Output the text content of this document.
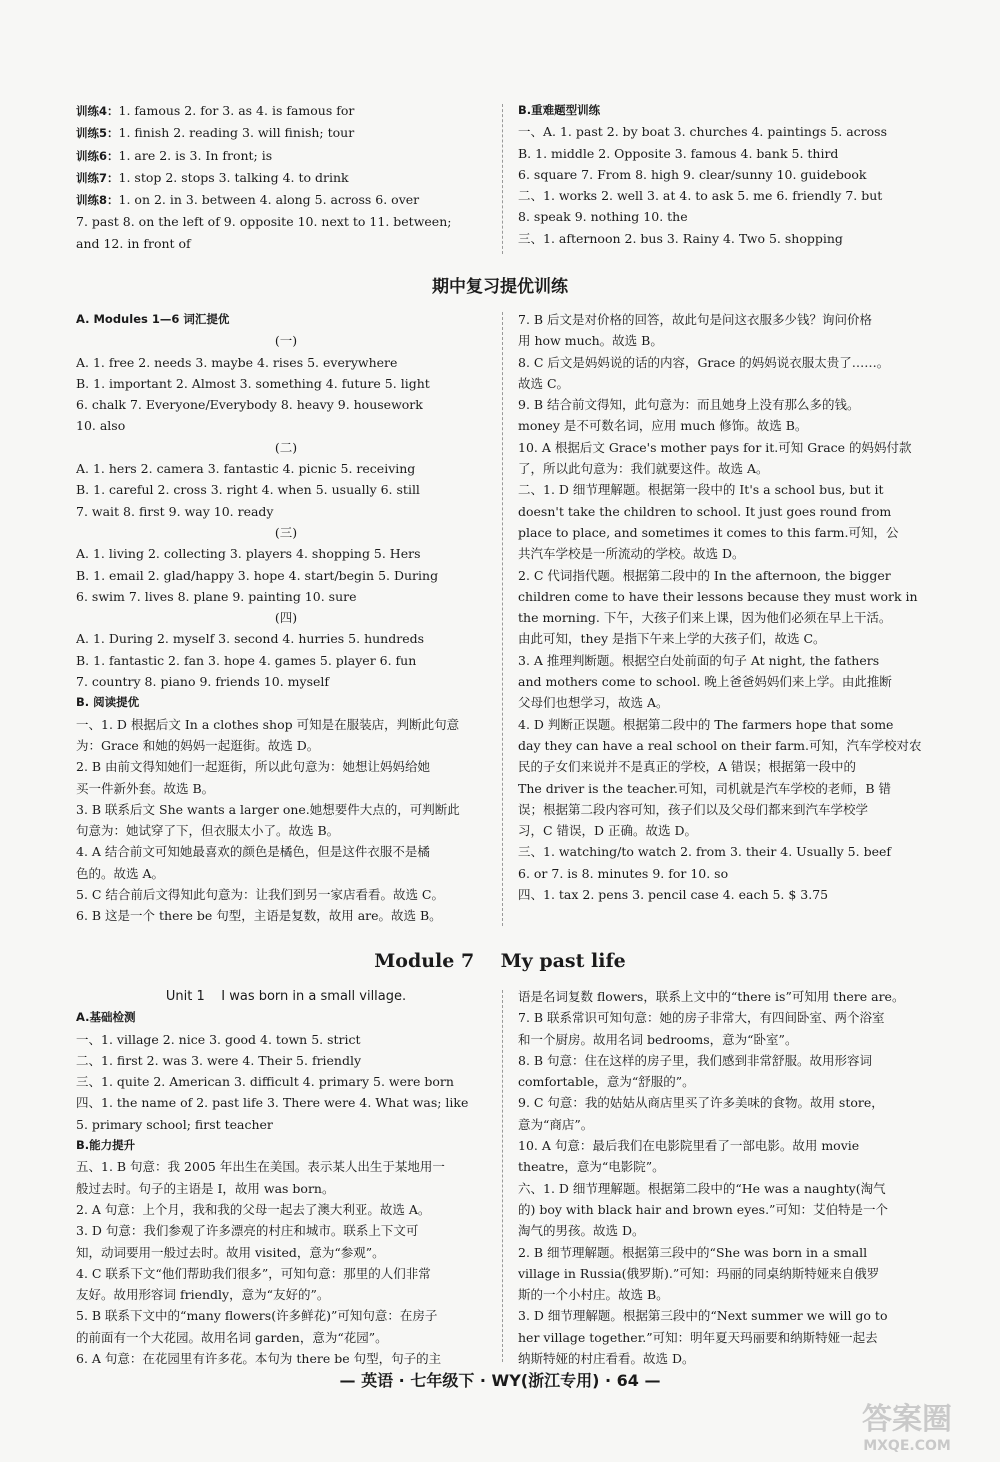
训练4：1. famous 2. for 3. as 4. is famous for

训练5：1. finish 2. reading 3. will finish; tour

训练6：1. are 2. is 3. In front; is

训练7：1. stop 2. stops 3. talking 4. to drink

训练8：1. on 2. in 3. between 4. along 5. across 6. over

7. past 8. on the left of 9. opposite 10. next to 11. between;

and 12. in front of

B.重难题型训练

一、A. 1. past 2. by boat 3. churches 4. paintings 5. across

B. 1. middle 2. Opposite 3. famous 4. bank 5. third

6. square 7. From 8. high 9. clear/sunny 10. guidebook

二、1. works 2. well 3. at 4. to ask 5. me 6. friendly 7. but

8. speak 9. nothing 10. the

三、1. afternoon 2. bus 3. Rainy 4. Two 5. shopping

期中复习提优训练

A. Modules 1—6 词汇提优

(一)

A. 1. free 2. needs 3. maybe 4. rises 5. everywhere

B. 1. important 2. Almost 3. something 4. future 5. light

6. chalk 7. Everyone/Everybody 8. heavy 9. housework

10. also

(二)

A. 1. hers 2. camera 3. fantastic 4. picnic 5. receiving

B. 1. careful 2. cross 3. right 4. when 5. usually 6. still

7. wait 8. first 9. way 10. ready

(三)

A. 1. living 2. collecting 3. players 4. shopping 5. Hers

B. 1. email 2. glad/happy 3. hope 4. start/begin 5. During

6. swim 7. lives 8. plane 9. painting 10. sure

(四)

A. 1. During 2. myself 3. second 4. hurries 5. hundreds

B. 1. fantastic 2. fan 3. hope 4. games 5. player 6. fun

7. country 8. piano 9. friends 10. myself

B. 阅读提优

一、1. D 根据后文 In a clothes shop 可知是在服装店，判断此句意

为：Grace 和她的妈妈一起逛街。故选 D。

2. B 由前文得知她们一起逛街，所以此句意为：她想让妈妈给她

买一件新外套。故选 B。

3. B 联系后文 She wants a larger one.她想要件大点的，可判断此

句意为：她试穿了下，但衣服太小了。故选 B。

4. A 结合前文可知她最喜欢的颜色是橘色，但是这件衣服不是橘

色的。故选 A。

5. C 结合前后文得知此句意为：让我们到另一家店看看。故选 C。

6. B 这是一个 there be 句型，主语是复数，故用 are。故选 B。

7. B 后文是对价格的回答，故此句是问这衣服多少钱？询问价格

用 how much。故选 B。

8. C 后文是妈妈说的话的内容，Grace 的妈妈说衣服太贵了……。

故选 C。

9. B 结合前文得知，此句意为：而且她身上没有那么多的钱。

money 是不可数名词，应用 much 修饰。故选 B。

10. A 根据后文 Grace's mother pays for it.可知 Grace 的妈妈付款

了，所以此句意为：我们就要这件。故选 A。

二、1. D 细节理解题。根据第一段中的 It's a school bus, but it

doesn't take the children to school. It just goes round from

place to place, and sometimes it comes to this farm.可知，公

共汽车学校是一所流动的学校。故选 D。

2. C 代词指代题。根据第二段中的 In the afternoon, the bigger

children come to have their lessons because they must work in

the morning. 下午，大孩子们来上课，因为他们必须在早上干活。

由此可知，they 是指下午来上学的大孩子们，故选 C。

3. A 推理判断题。根据空白处前面的句子 At night, the fathers

and mothers come to school. 晚上爸爸妈妈们来上学。由此推断

父母们也想学习，故选 A。

4. D 判断正误题。根据第二段中的 The farmers hope that some

day they can have a real school on their farm.可知，汽车学校对农

民的子女们来说并不是真正的学校，A 错误；根据第一段中的

The driver is the teacher.可知，司机就是汽车学校的老师，B 错

误；根据第二段内容可知，孩子们以及父母们都来到汽车学校学

习，C 错误，D 正确。故选 D。

三、1. watching/to watch 2. from 3. their 4. Usually 5. beef

6. or 7. is 8. minutes 9. for 10. so

四、1. tax 2. pens 3. pencil case 4. each 5. $ 3.75

Module 7    My past life

Unit 1    I was born in a small village.

A.基础检测

一、1. village 2. nice 3. good 4. town 5. strict

二、1. first 2. was 3. were 4. Their 5. friendly

三、1. quite 2. American 3. difficult 4. primary 5. were born

四、1. the name of 2. past life 3. There were 4. What was; like

5. primary school; first teacher

B.能力提升

五、1. B 句意：我 2005 年出生在美国。表示某人出生于某地用一

般过去时。句子的主语是 I，故用 was born。

2. A 句意：上个月，我和我的父母一起去了澳大利亚。故选 A。

3. D 句意：我们参观了许多漂亮的村庄和城市。联系上下文可

知，动词要用一般过去时。故用 visited，意为“参观”。

4. C 联系下文“他们帮助我们很多”，可知句意：那里的人们非常

友好。故用形容词 friendly，意为“友好的”。

5. B 联系下文中的“many flowers(许多鲜花)”可知句意：在房子

的前面有一个大花园。故用名词 garden，意为“花园”。

6. A 句意：在花园里有许多花。本句为 there be 句型，句子的主

语是名词复数 flowers，联系上文中的“there is”可知用 there are。

7. B 联系常识可知句意：她的房子非常大，有四间卧室、两个浴室

和一个厨房。故用名词 bedrooms，意为“卧室”。

8. B 句意：住在这样的房子里，我们感到非常舒服。故用形容词

comfortable，意为“舒服的”。

9. C 句意：我的姑姑从商店里买了许多美味的食物。故用 store，

意为“商店”。

10. A 句意：最后我们在电影院里看了一部电影。故用 movie

theatre，意为“电影院”。

六、1. D 细节理解题。根据第二段中的“He was a naughty(淘气

的) boy with black hair and brown eyes.”可知：艾伯特是一个

淘气的男孩。故选 D。

2. B 细节理解题。根据第三段中的“She was born in a small

village in Russia(俄罗斯).”可知：玛丽的同桌纳斯特娅来自俄罗

斯的一个小村庄。故选 B。

3. D 细节理解题。根据第三段中的“Next summer we will go to

her village together.”可知：明年夏天玛丽要和纳斯特娅一起去

纳斯特娅的村庄看看。故选 D。

— 英语 · 七年级下 · WY(浙江专用) · 64 —
答案圈
MXQE.COM
